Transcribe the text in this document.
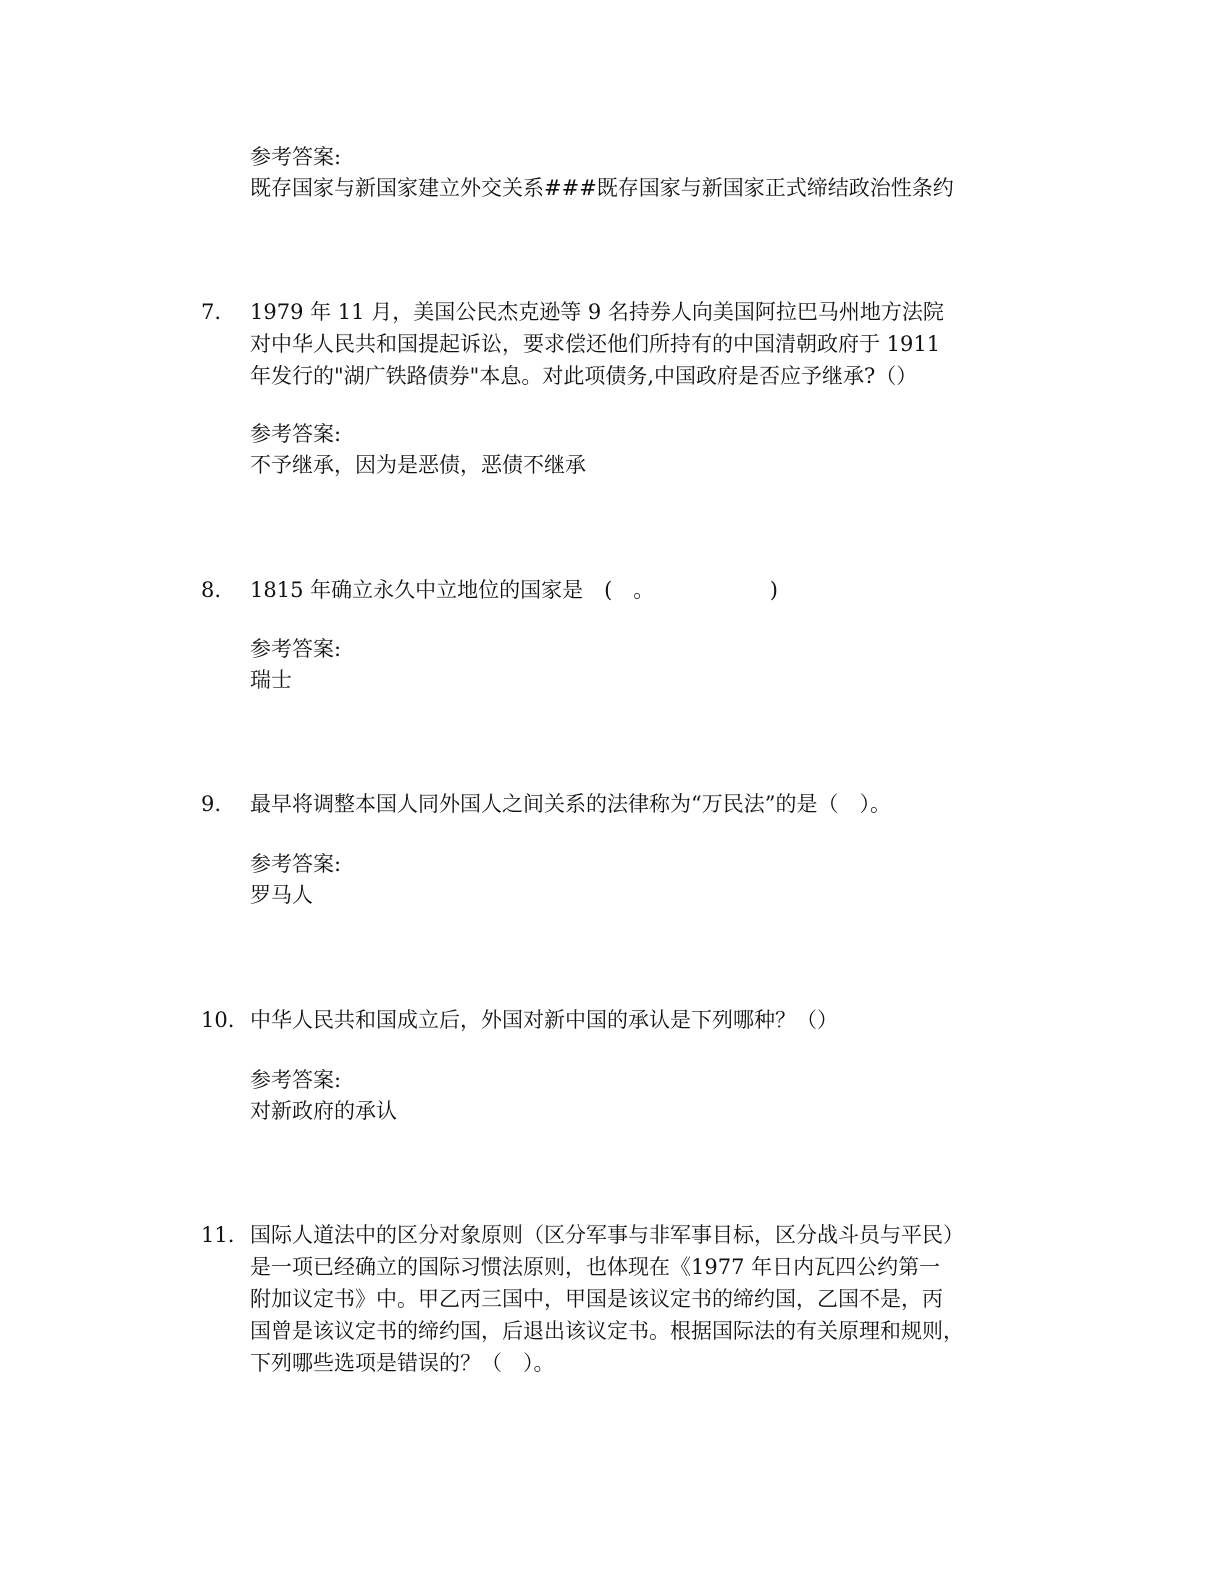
参考答案:

既存国家与新国家建立外交关系###既存国家与新国家正式缔结政治性条约

7. 1979 年 11 月，美国公民杰克逊等 9 名持券人向美国阿拉巴马州地方法院

对中华人民共和国提起诉讼，要求偿还他们所持有的中国清朝政府于 1911

年发行的"湖广铁路债券"本息。对此项债务,中国政府是否应予继承?（）

参考答案:

不予继承，因为是恶债，恶债不继承

8. 1815 年确立永久中立地位的国家是　(　。　　　　　　)

参考答案:

瑞士

9. 最早将调整本国人同外国人之间关系的法律称为“万民法”的是（　）。

参考答案:

罗马人

10. 中华人民共和国成立后，外国对新中国的承认是下列哪种？（）

参考答案:

对新政府的承认

11. 国际人道法中的区分对象原则（区分军事与非军事目标，区分战斗员与平民）

是一项已经确立的国际习惯法原则，也体现在《1977 年日内瓦四公约第一

附加议定书》中。甲乙丙三国中，甲国是该议定书的缔约国，乙国不是，丙

国曾是该议定书的缔约国，后退出该议定书。根据国际法的有关原理和规则，

下列哪些选项是错误的？（　）。
